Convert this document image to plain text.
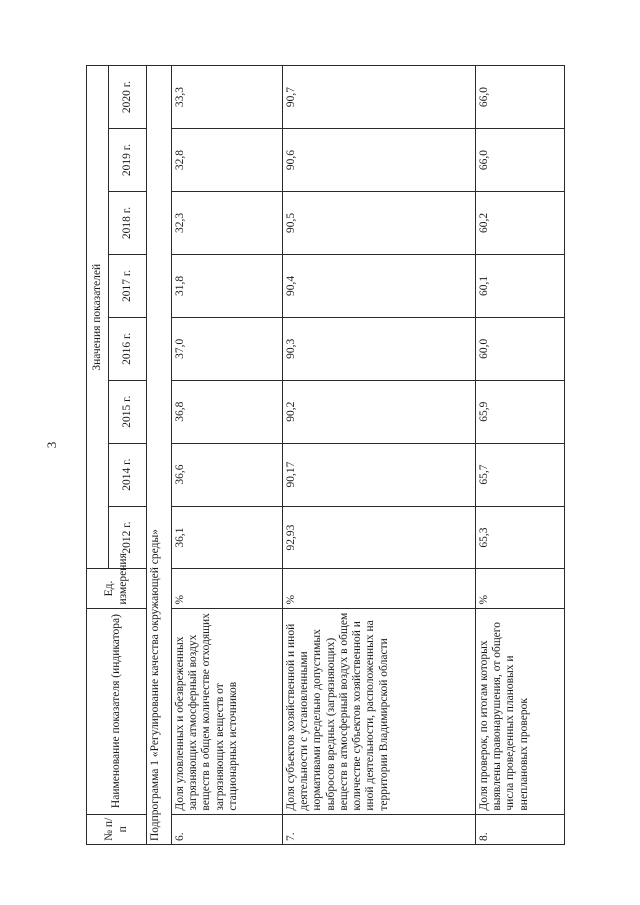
3
№ п/п	Наименование показателя (индикатора)	Ед. измерения	Значения показателей							
			2012 г.	2014 г.	2015 г.	2016 г.	2017 г.	2018 г.	2019 г.	2020 г.
Подпрограмма 1 «Регулирование качества окружающей среды»										
6.	Доля уловленных и обезвреженных загрязняющих атмосферный воздух веществ в общем количестве отходящих загрязняющих веществ от стационарных источников	%	36,1	36,6	36,8	37,0	31,8	32,3	32,8	33,3
7.	Доля субъектов хозяйственной и иной деятельности с установленными нормативами предельно допустимых выбросов вредных (загрязняющих) веществ в атмосферный воздух в общем количестве субъектов хозяйственной и иной деятельности, расположенных на территории Владимирской области	%	92,93	90,17	90,2	90,3	90,4	90,5	90,6	90,7
8.	Доля проверок, по итогам которых выявлены правонарушения, от общего числа проведенных плановых и внеплановых проверок	%	65,3	65,7	65,9	60,0	60,1	60,2	66,0	66,0
